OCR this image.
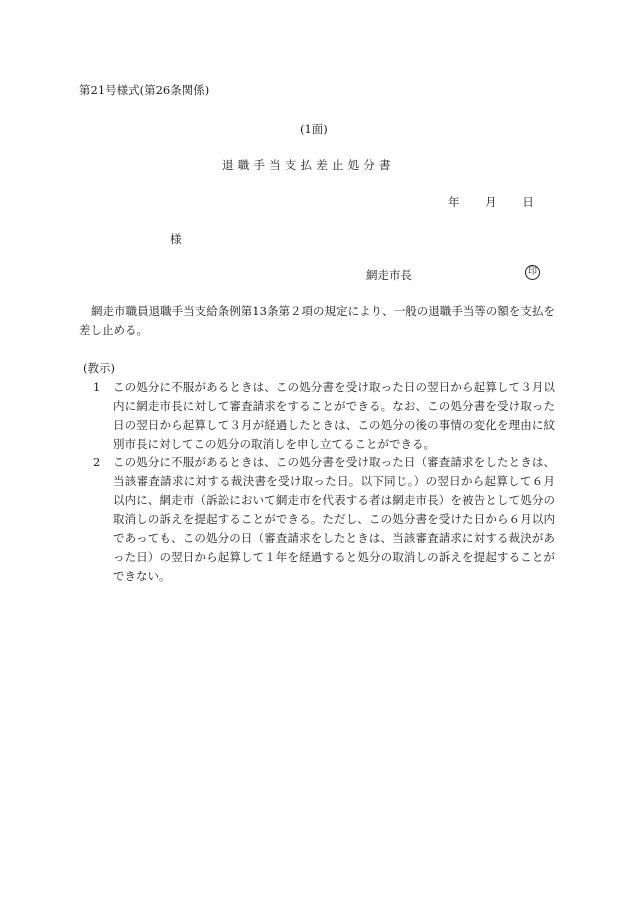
第21号様式(第26条関係)
(1面)
退職手当支払差止処分書
年 月 日
様
網走市長	印
網走市職員退職手当支給条例第13条第２項の規定により、一般の退職手当等の額を支払を差し止める。
(教示)
1	この処分に不服があるときは、この処分書を受け取った日の翌日から起算して３月以内に網走市長に対して審査請求をすることができる。なお、この処分書を受け取った日の翌日から起算して３月が経過したときは、この処分の後の事情の変化を理由に紋別市長に対してこの処分の取消しを申し立てることができる。
2	この処分に不服があるときは、この処分書を受け取った日（審査請求をしたときは、当該審査請求に対する裁決書を受け取った日。以下同じ。）の翌日から起算して６月以内に、網走市（訴訟において網走市を代表する者は網走市長）を被告として処分の取消しの訴えを提起することができる。ただし、この処分書を受けた日から６月以内であっても、この処分の日（審査請求をしたときは、当該審査請求に対する裁決があった日）の翌日から起算して１年を経過すると処分の取消しの訴えを提起することができない。
